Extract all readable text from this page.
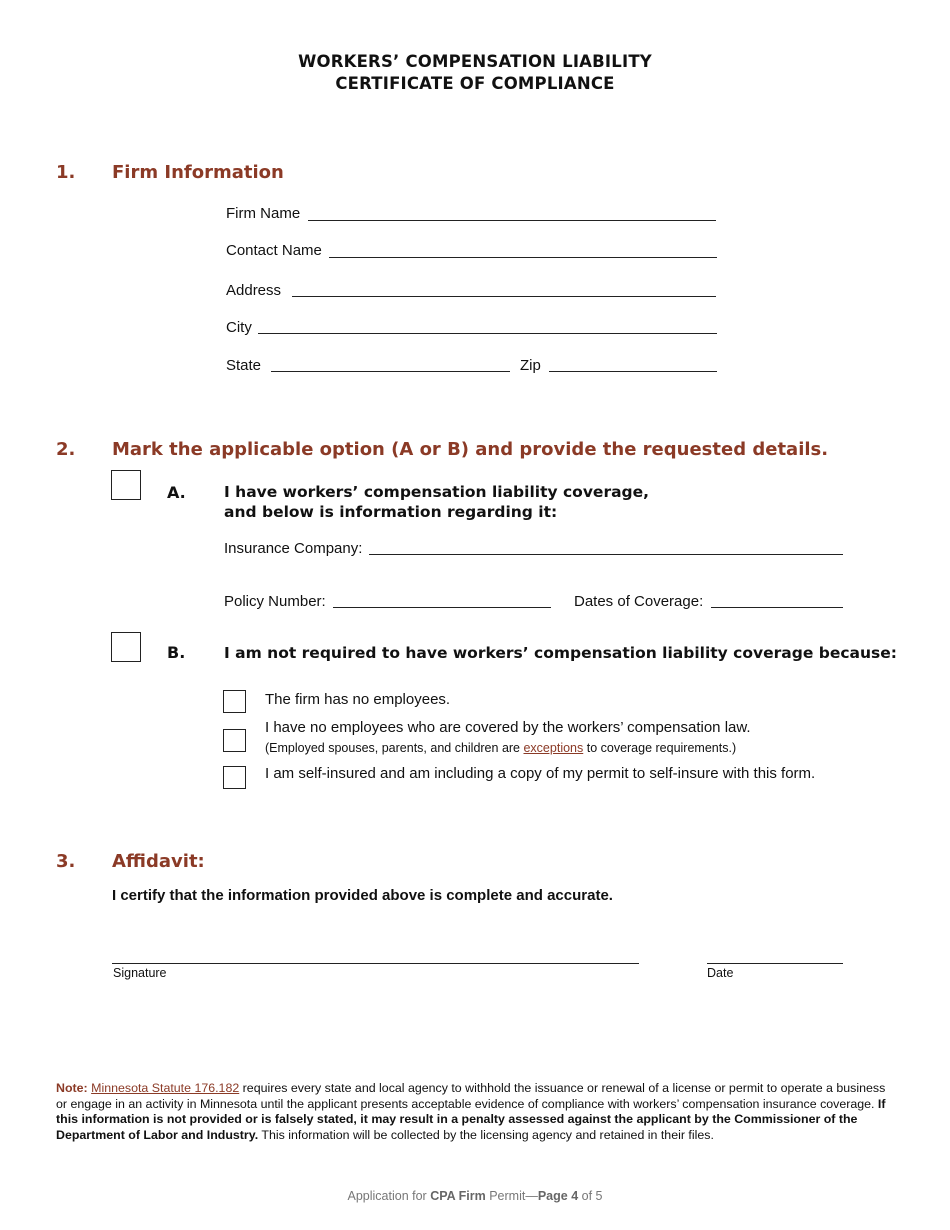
WORKERS’ COMPENSATION LIABILITY
CERTIFICATE OF COMPLIANCE
1. Firm Information
Firm Name
Contact Name
Address
City
State	Zip
2. Mark the applicable option (A or B) and provide the requested details.
A. I have workers’ compensation liability coverage,
and below is information regarding it:
Insurance Company:
Policy Number:	Dates of Coverage:
B. I am not required to have workers’ compensation liability coverage because:
The firm has no employees.
I have no employees who are covered by the workers’ compensation law.
(Employed spouses, parents, and children are exceptions to coverage requirements.)
I am self-insured and am including a copy of my permit to self-insure with this form.
3. Affidavit:
I certify that the information provided above is complete and accurate.
Signature	Date
Note: Minnesota Statute 176.182 requires every state and local agency to withhold the issuance or renewal of a license or permit to operate a business or engage in an activity in Minnesota until the applicant presents acceptable evidence of compliance with workers’ compensation insurance coverage. If this information is not provided or is falsely stated, it may result in a penalty assessed against the applicant by the Commissioner of the Department of Labor and Industry. This information will be collected by the licensing agency and retained in their files.
Application for CPA Firm Permit—Page 4 of 5
